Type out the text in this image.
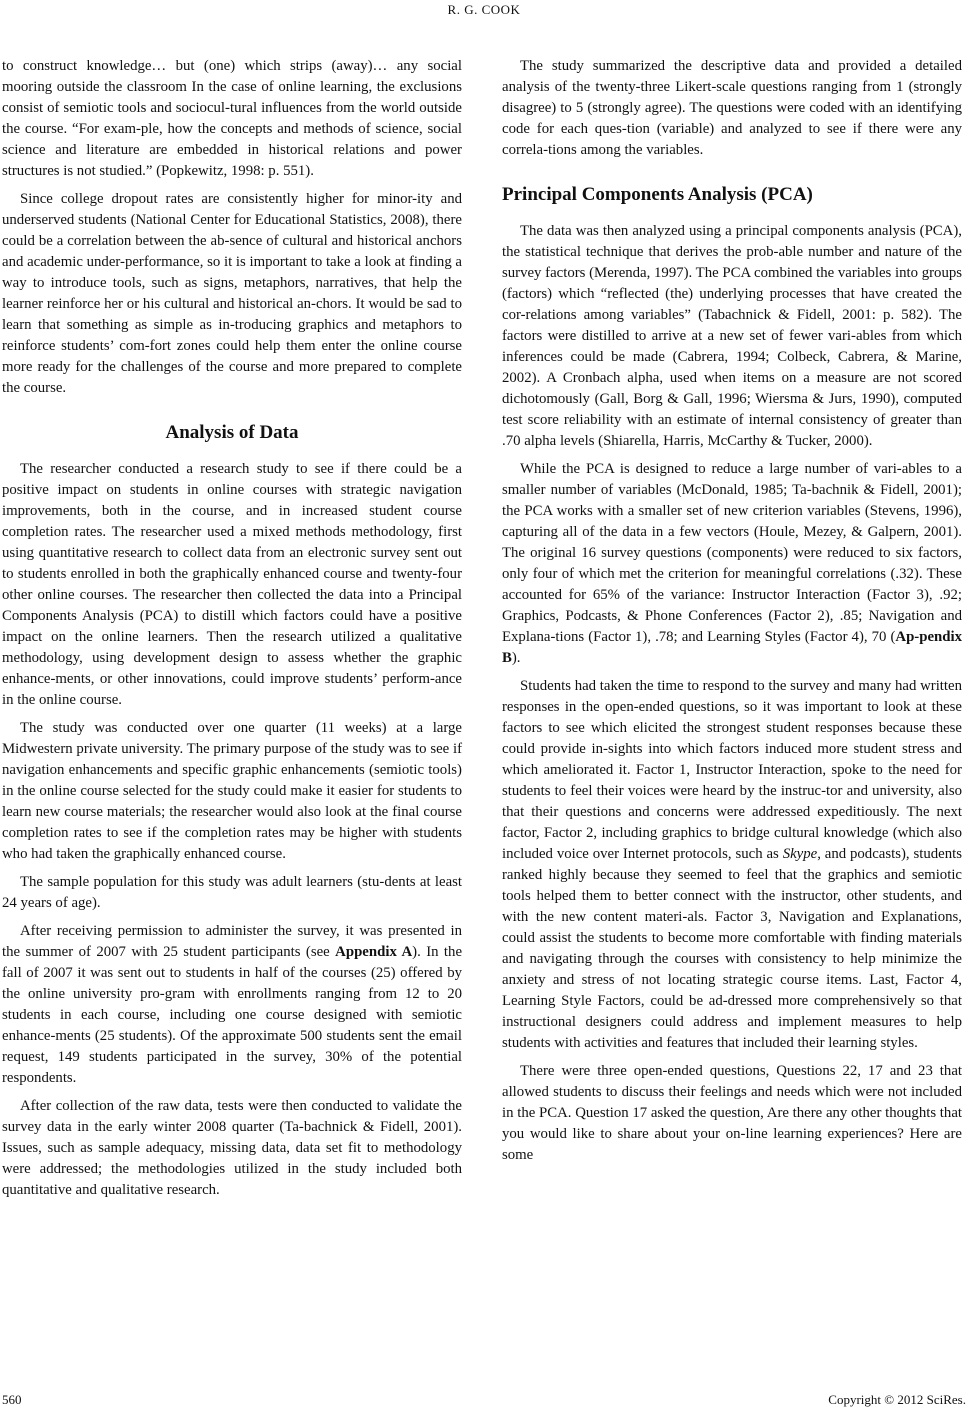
R. G. COOK

to construct knowledge… but (one) which strips (away)… any social mooring outside the classroom In the case of online learning, the exclusions consist of semiotic tools and sociocul-tural influences from the world outside the course. “For exam-ple, how the concepts and methods of science, social science and literature are embedded in historical relations and power structures is not studied.” (Popkewitz, 1998: p. 551).

Since college dropout rates are consistently higher for minor-ity and underserved students (National Center for Educational Statistics, 2008), there could be a correlation between the ab-sence of cultural and historical anchors and academic under-performance, so it is important to take a look at finding a way to introduce tools, such as signs, metaphors, narratives, that help the learner reinforce her or his cultural and historical an-chors. It would be sad to learn that something as simple as in-troducing graphics and metaphors to reinforce students’ com-fort zones could help them enter the online course more ready for the challenges of the course and more prepared to complete the course.

Analysis of Data

The researcher conducted a research study to see if there could be a positive impact on students in online courses with strategic navigation improvements, both in the course, and in increased student course completion rates. The researcher used a mixed methods methodology, first using quantitative research to collect data from an electronic survey sent out to students enrolled in both the graphically enhanced course and twenty-four other online courses. The researcher then collected the data into a Principal Components Analysis (PCA) to distill which factors could have a positive impact on the online learners. Then the research utilized a qualitative methodology, using development design to assess whether the graphic enhance-ments, or other innovations, could improve students’ perform-ance in the online course.

The study was conducted over one quarter (11 weeks) at a large Midwestern private university. The primary purpose of the study was to see if navigation enhancements and specific graphic enhancements (semiotic tools) in the online course selected for the study could make it easier for students to learn new course materials; the researcher would also look at the final course completion rates to see if the completion rates may be higher with students who had taken the graphically enhanced course.

The sample population for this study was adult learners (stu-dents at least 24 years of age).

After receiving permission to administer the survey, it was presented in the summer of 2007 with 25 student participants (see Appendix A). In the fall of 2007 it was sent out to students in half of the courses (25) offered by the online university pro-gram with enrollments ranging from 12 to 20 students in each course, including one course designed with semiotic enhance-ments (25 students). Of the approximate 500 students sent the email request, 149 students participated in the survey, 30% of the potential respondents.

After collection of the raw data, tests were then conducted to validate the survey data in the early winter 2008 quarter (Ta-bachnick & Fidell, 2001). Issues, such as sample adequacy, missing data, data set fit to methodology were addressed; the methodologies utilized in the study included both quantitative and qualitative research.

The study summarized the descriptive data and provided a detailed analysis of the twenty-three Likert-scale questions ranging from 1 (strongly disagree) to 5 (strongly agree). The questions were coded with an identifying code for each ques-tion (variable) and analyzed to see if there were any correla-tions among the variables.

Principal Components Analysis (PCA)

The data was then analyzed using a principal components analysis (PCA), the statistical technique that derives the prob-able number and nature of the survey factors (Merenda, 1997). The PCA combined the variables into groups (factors) which “reflected (the) underlying processes that have created the cor-relations among variables” (Tabachnick & Fidell, 2001: p. 582). The factors were distilled to arrive at a new set of fewer vari-ables from which inferences could be made (Cabrera, 1994; Colbeck, Cabrera, & Marine, 2002). A Cronbach alpha, used when items on a measure are not scored dichotomously (Gall, Borg & Gall, 1996; Wiersma & Jurs, 1990), computed test score reliability with an estimate of internal consistency of greater than .70 alpha levels (Shiarella, Harris, McCarthy & Tucker, 2000).

While the PCA is designed to reduce a large number of vari-ables to a smaller number of variables (McDonald, 1985; Ta-bachnik & Fidell, 2001); the PCA works with a smaller set of new criterion variables (Stevens, 1996), capturing all of the data in a few vectors (Houle, Mezey, & Galpern, 2001). The original 16 survey questions (components) were reduced to six factors, only four of which met the criterion for meaningful correlations (.32). These accounted for 65% of the variance: Instructor Interaction (Factor 3), .92; Graphics, Podcasts, & Phone Conferences (Factor 2), .85; Navigation and Explana-tions (Factor 1), .78; and Learning Styles (Factor 4), 70 (Ap-pendix B).

Students had taken the time to respond to the survey and many had written responses in the open-ended questions, so it was important to look at these factors to see which elicited the strongest student responses because these could provide in-sights into which factors induced more student stress and which ameliorated it. Factor 1, Instructor Interaction, spoke to the need for students to feel their voices were heard by the instruc-tor and university, also that their questions and concerns were addressed expeditiously. The next factor, Factor 2, including graphics to bridge cultural knowledge (which also included voice over Internet protocols, such as Skype, and podcasts), students ranked highly because they seemed to feel that the graphics and semiotic tools helped them to better connect with the instructor, other students, and with the new content materi-als. Factor 3, Navigation and Explanations, could assist the students to become more comfortable with finding materials and navigating through the courses with consistency to help minimize the anxiety and stress of not locating strategic course items. Last, Factor 4, Learning Style Factors, could be ad-dressed more comprehensively so that instructional designers could address and implement measures to help students with activities and features that included their learning styles.

There were three open-ended questions, Questions 22, 17 and 23 that allowed students to discuss their feelings and needs which were not included in the PCA. Question 17 asked the question, Are there any other thoughts that you would like to share about your on-line learning experiences? Here are some

560	Copyright © 2012 SciRes.
